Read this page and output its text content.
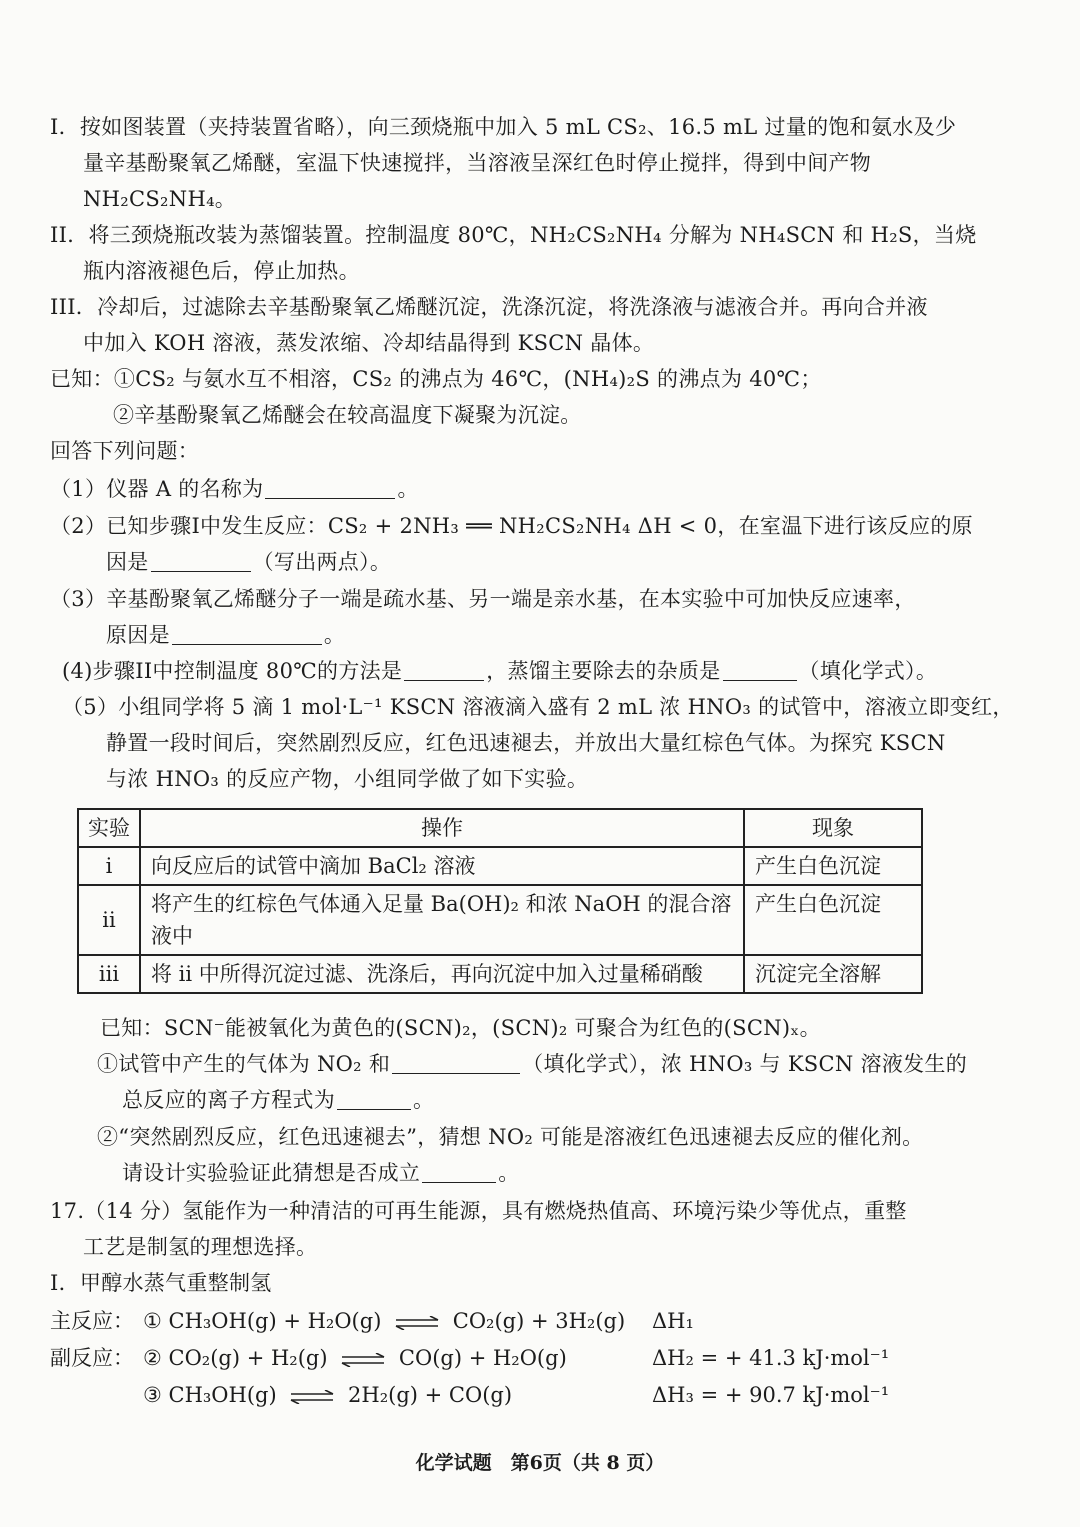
I．按如图装置（夹持装置省略），向三颈烧瓶中加入 5 mL CS₂、16.5 mL 过量的饱和氨水及少
量辛基酚聚氧乙烯醚，室温下快速搅拌，当溶液呈深红色时停止搅拌，得到中间产物
NH₂CS₂NH₄。
II．将三颈烧瓶改装为蒸馏装置。控制温度 80℃，NH₂CS₂NH₄ 分解为 NH₄SCN 和 H₂S，当烧
瓶内溶液褪色后，停止加热。
III．冷却后，过滤除去辛基酚聚氧乙烯醚沉淀，洗涤沉淀，将洗涤液与滤液合并。再向合并液
中加入 KOH 溶液，蒸发浓缩、冷却结晶得到 KSCN 晶体。
已知：①CS₂ 与氨水互不相溶，CS₂ 的沸点为 46℃，(NH₄)₂S 的沸点为 40℃；
②辛基酚聚氧乙烯醚会在较高温度下凝聚为沉淀。
回答下列问题：
（1）仪器 A 的名称为	。
（2）已知步骤I中发生反应：CS₂ + 2NH₃ ══ NH₂CS₂NH₄ ΔH < 0，在室温下进行该反应的原
因是	（写出两点）。
（3）辛基酚聚氧乙烯醚分子一端是疏水基、另一端是亲水基，在本实验中可加快反应速率，
原因是	。
(4)步骤II中控制温度 80℃的方法是	，蒸馏主要除去的杂质是	（填化学式）。
（5）小组同学将 5 滴 1 mol·L⁻¹ KSCN 溶液滴入盛有 2 mL 浓 HNO₃ 的试管中，溶液立即变红，
静置一段时间后，突然剧烈反应，红色迅速褪去，并放出大量红棕色气体。为探究 KSCN
与浓 HNO₃ 的反应产物，小组同学做了如下实验。
实验	操作	现象
i	向反应后的试管中滴加 BaCl₂ 溶液	产生白色沉淀
ii	将产生的红棕色气体通入足量 Ba(OH)₂ 和浓 NaOH 的混合溶液中	产生白色沉淀
iii	将 ii 中所得沉淀过滤、洗涤后，再向沉淀中加入过量稀硝酸	沉淀完全溶解
已知：SCN⁻能被氧化为黄色的(SCN)₂，(SCN)₂ 可聚合为红色的(SCN)ₓ。
①试管中产生的气体为 NO₂ 和	（填化学式），浓 HNO₃ 与 KSCN 溶液发生的
总反应的离子方程式为	。
②“突然剧烈反应，红色迅速褪去”，猜想 NO₂ 可能是溶液红色迅速褪去反应的催化剂。
请设计实验验证此猜想是否成立	。
17.（14 分）氢能作为一种清洁的可再生能源，具有燃烧热值高、环境污染少等优点，重整
工艺是制氢的理想选择。
I．甲醇水蒸气重整制氢
主反应： ① CH₃OH(g) + H₂O(g) ⇌ CO₂(g) + 3H₂(g) ΔH₁
副反应： ② CO₂(g) + H₂(g) ⇌ CO(g) + H₂O(g)	ΔH₂ = + 41.3 kJ·mol⁻¹
③ CH₃OH(g) ⇌ 2H₂(g) + CO(g)	ΔH₃ = + 90.7 kJ·mol⁻¹
化学试题　第6页（共 8 页）
